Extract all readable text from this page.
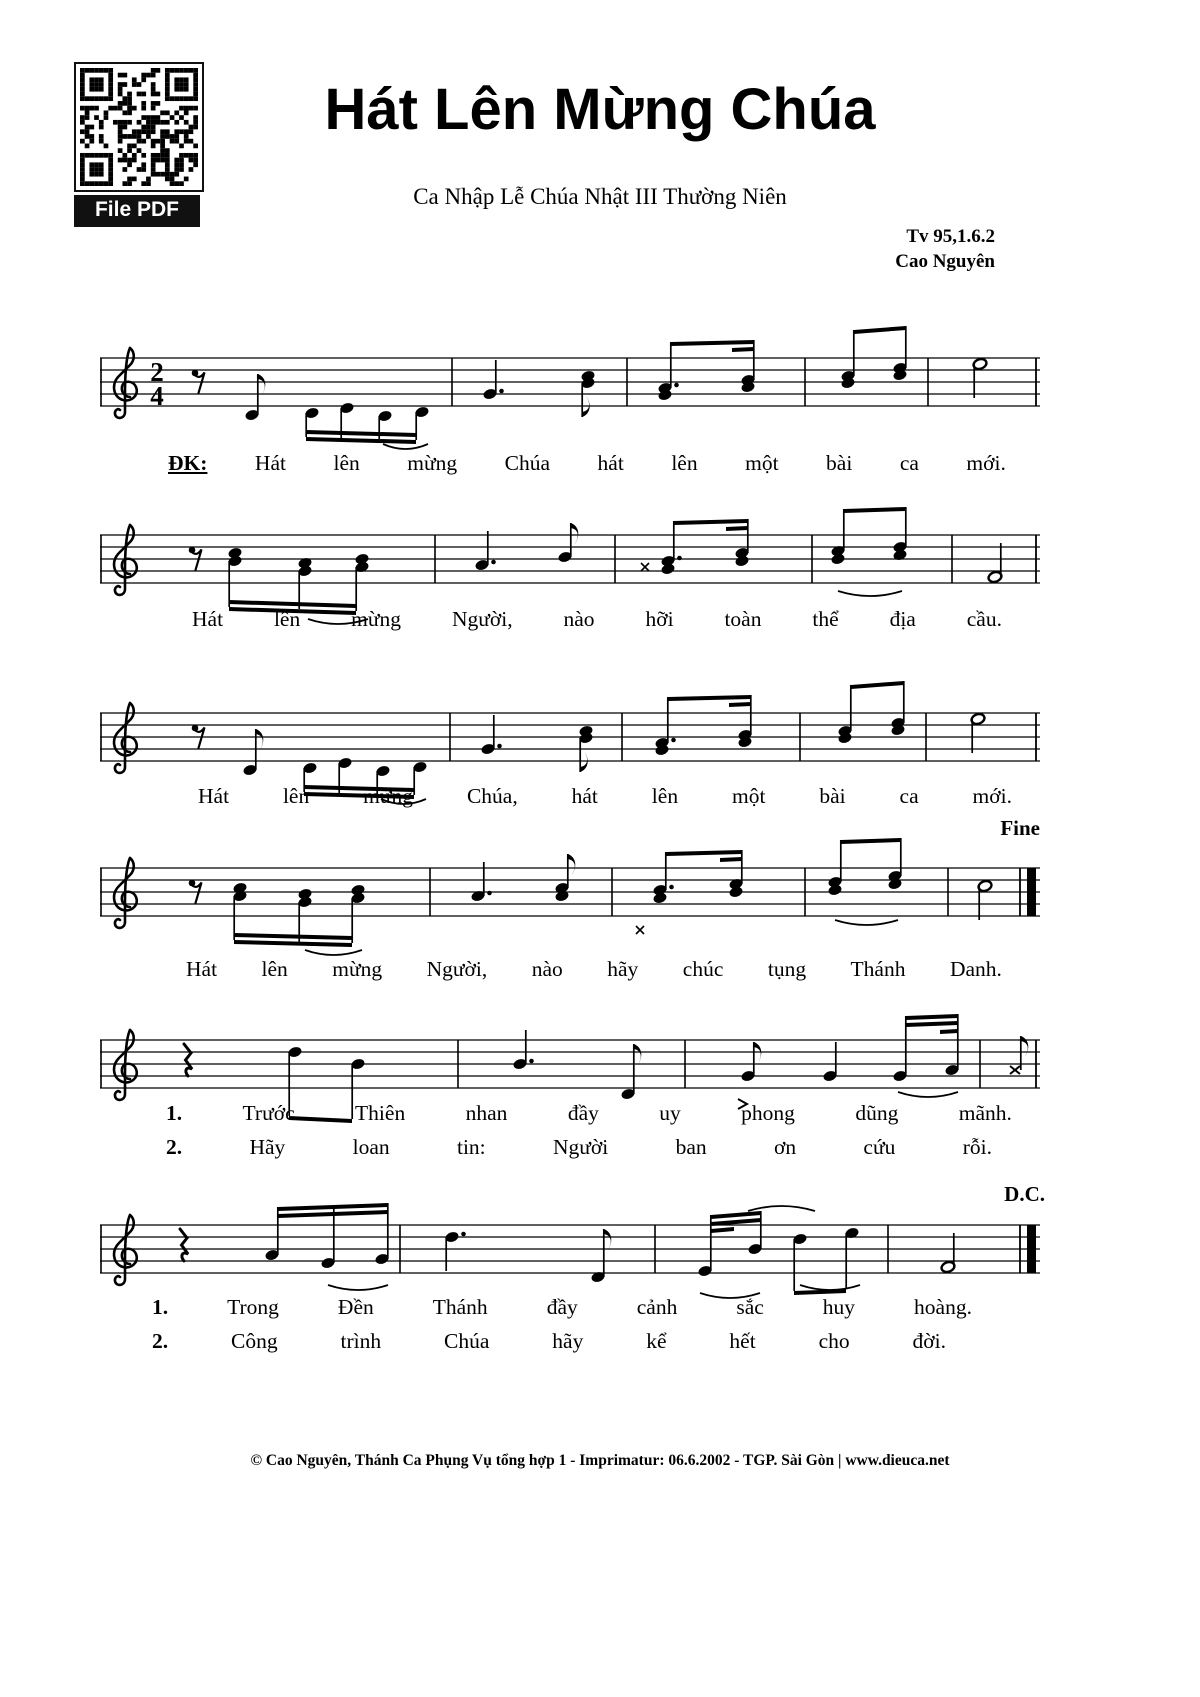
File PDF
Hát Lên Mừng Chúa
Ca Nhập Lễ Chúa Nhật III Thường Niên
Tv 95,1.6.2
Cao Nguyên
2
4
ĐK: Hát lên mừng Chúa hát lên một bài ca mới.
Hát lên mừng Người, nào hỡi toàn thể địa cầu.
Hát	lên	mừng	Chúa,	hát	lên	một	bài	ca	mới.
Hát lên mừng Người, nào hãy chúc tụng Thánh Danh.
1.	Trước	Thiên	nhan	đầy	uy	phong	dũng	mãnh.
2.	Hãy	loan	tin:	Người	ban	ơn	cứu	rỗi.
1.	Trong	Đền	Thánh	đầy	cảnh	sắc	huy	hoàng.
2.	Công	trình	Chúa	hãy	kể	hết	cho	đời.
Fine
D.C.
© Cao Nguyên, Thánh Ca Phụng Vụ tổng hợp 1 - Imprimatur: 06.6.2002 - TGP. Sài Gòn | www.dieuca.net
